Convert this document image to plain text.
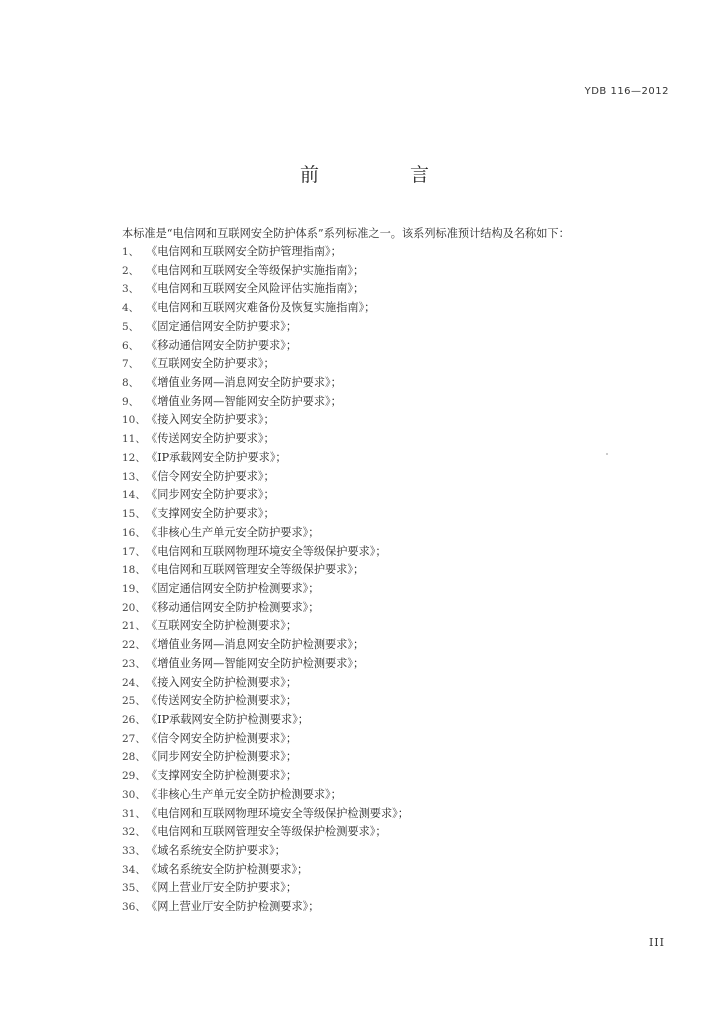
YDB 116—2012
前　言
本标准是“电信网和互联网安全防护体系”系列标准之一。该系列标准预计结构及名称如下：
1、 《电信网和互联网安全防护管理指南》；
2、 《电信网和互联网安全等级保护实施指南》；
3、 《电信网和互联网安全风险评估实施指南》；
4、 《电信网和互联网灾难备份及恢复实施指南》；
5、 《固定通信网安全防护要求》；
6、 《移动通信网安全防护要求》；
7、 《互联网安全防护要求》；
8、 《增值业务网—消息网安全防护要求》；
9、 《增值业务网—智能网安全防护要求》；
10、 《接入网安全防护要求》；
11、 《传送网安全防护要求》；
12、 《IP承载网安全防护要求》；
13、 《信令网安全防护要求》；
14、 《同步网安全防护要求》；
15、 《支撑网安全防护要求》；
16、 《非核心生产单元安全防护要求》；
17、 《电信网和互联网物理环境安全等级保护要求》；
18、 《电信网和互联网管理安全等级保护要求》；
19、 《固定通信网安全防护检测要求》；
20、 《移动通信网安全防护检测要求》；
21、 《互联网安全防护检测要求》；
22、 《增值业务网—消息网安全防护检测要求》；
23、 《增值业务网—智能网安全防护检测要求》；
24、 《接入网安全防护检测要求》；
25、 《传送网安全防护检测要求》；
26、 《IP承载网安全防护检测要求》；
27、 《信令网安全防护检测要求》；
28、 《同步网安全防护检测要求》；
29、 《支撑网安全防护检测要求》；
30、 《非核心生产单元安全防护检测要求》；
31、 《电信网和互联网物理环境安全等级保护检测要求》；
32、 《电信网和互联网管理安全等级保护检测要求》；
33、 《域名系统安全防护要求》；
34、 《域名系统安全防护检测要求》；
35、 《网上营业厅安全防护要求》；
36、 《网上营业厅安全防护检测要求》；
III
